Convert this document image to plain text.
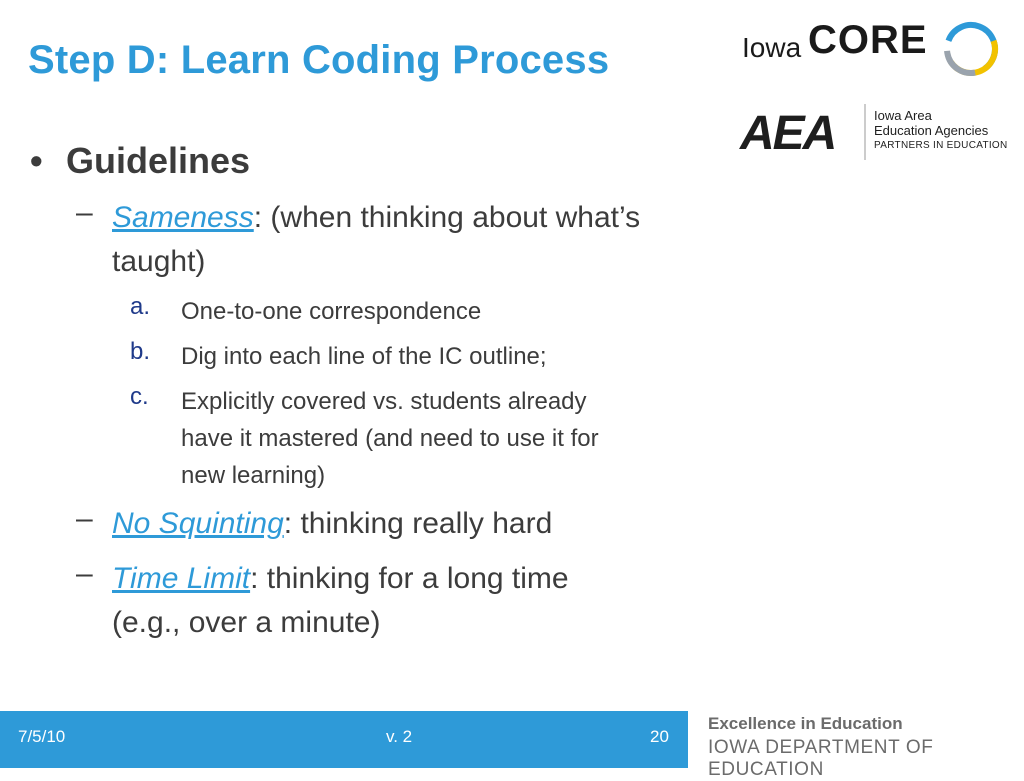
Step D: Learn Coding Process	Iowa CORE
AEA	Iowa Area
Education Agencies
PARTNERS IN EDUCATION
• Guidelines
– Sameness: (when thinking about what’s taught)
a. One-to-one correspondence
b. Dig into each line of the IC outline;
c. Explicitly covered vs. students already have it mastered (and need to use it for new learning)
– No Squinting: thinking really hard
– Time Limit: thinking for a long time (e.g., over a minute)
7/5/10	v. 2	20
Excellence in Education
IOWA DEPARTMENT OF EDUCATION
